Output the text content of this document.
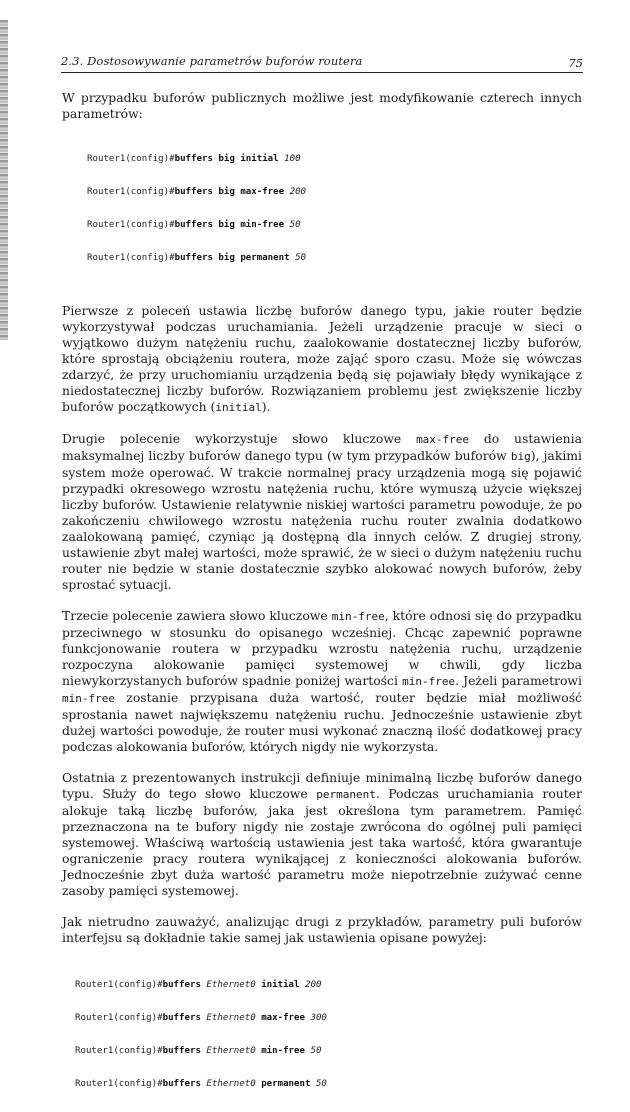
2.3. Dostosowywanie parametrów buforów routera	75

W przypadku buforów publicznych możliwe jest modyfikowanie czterech innych parametrów:

Router1(config)#buffers big initial 100

Router1(config)#buffers big max-free 200

Router1(config)#buffers big min-free 50

Router1(config)#buffers big permanent 50

Pierwsze z poleceń ustawia liczbę buforów danego typu, jakie router będzie wykorzystywał podczas uruchamiania. Jeżeli urządzenie pracuje w sieci o wyjątkowo dużym natężeniu ruchu, zaalokowanie dostatecznej liczby buforów, które sprostają obciążeniu routera, może zająć sporo czasu. Może się wówczas zdarzyć, że przy uruchomianiu urządzenia będą się pojawiały błędy wynikające z niedostatecznej liczby buforów. Rozwiązaniem problemu jest zwiększenie liczby buforów początkowych (initial).

Drugie polecenie wykorzystuje słowo kluczowe max-free do ustawienia maksymalnej liczby buforów danego typu (w tym przypadków buforów big), jakimi system może operować. W trakcie normalnej pracy urządzenia mogą się pojawić przypadki okresowego wzrostu natężenia ruchu, które wymuszą użycie większej liczby buforów. Ustawienie relatywnie niskiej wartości parametru powoduje, że po zakończeniu chwilowego wzrostu natężenia ruchu router zwalnia dodatkowo zaalokowaną pamięć, czyniąc ją dostępną dla innych celów. Z drugiej strony, ustawienie zbyt małej wartości, może sprawić, że w sieci o dużym natężeniu ruchu router nie będzie w stanie dostatecznie szybko alokować nowych buforów, żeby sprostać sytuacji.

Trzecie polecenie zawiera słowo kluczowe min-free, które odnosi się do przypadku przeciwnego w stosunku do opisanego wcześniej. Chcąc zapewnić poprawne funkcjonowanie routera w przypadku wzrostu natężenia ruchu, urządzenie rozpoczyna alokowanie pamięci systemowej w chwili, gdy liczba niewykorzystanych buforów spadnie poniżej wartości min-free. Jeżeli parametrowi min-free zostanie przypisana duża wartość, router będzie miał możliwość sprostania nawet największemu natężeniu ruchu. Jednocześnie ustawienie zbyt dużej wartości powoduje, że router musi wykonać znaczną ilość dodatkowej pracy podczas alokowania buforów, których nigdy nie wykorzysta.

Ostatnia z prezentowanych instrukcji definiuje minimalną liczbę buforów danego typu. Służy do tego słowo kluczowe permanent. Podczas uruchamiania router alokuje taką liczbę buforów, jaka jest określona tym parametrem. Pamięć przeznaczona na te bufory nigdy nie zostaje zwrócona do ogólnej puli pamięci systemowej. Właściwą wartością ustawienia jest taka wartość, która gwarantuje ograniczenie pracy routera wynikającej z konieczności alokowania buforów. Jednocześnie zbyt duża wartość parametru może niepotrzebnie zużywać cenne zasoby pamięci systemowej.

Jak nietrudno zauważyć, analizując drugi z przykładów, parametry puli buforów interfejsu są dokładnie takie samej jak ustawienia opisane powyżej:

Router1(config)#buffers Ethernet0 initial 200

Router1(config)#buffers Ethernet0 max-free 300

Router1(config)#buffers Ethernet0 min-free 50

Router1(config)#buffers Ethernet0 permanent 50
